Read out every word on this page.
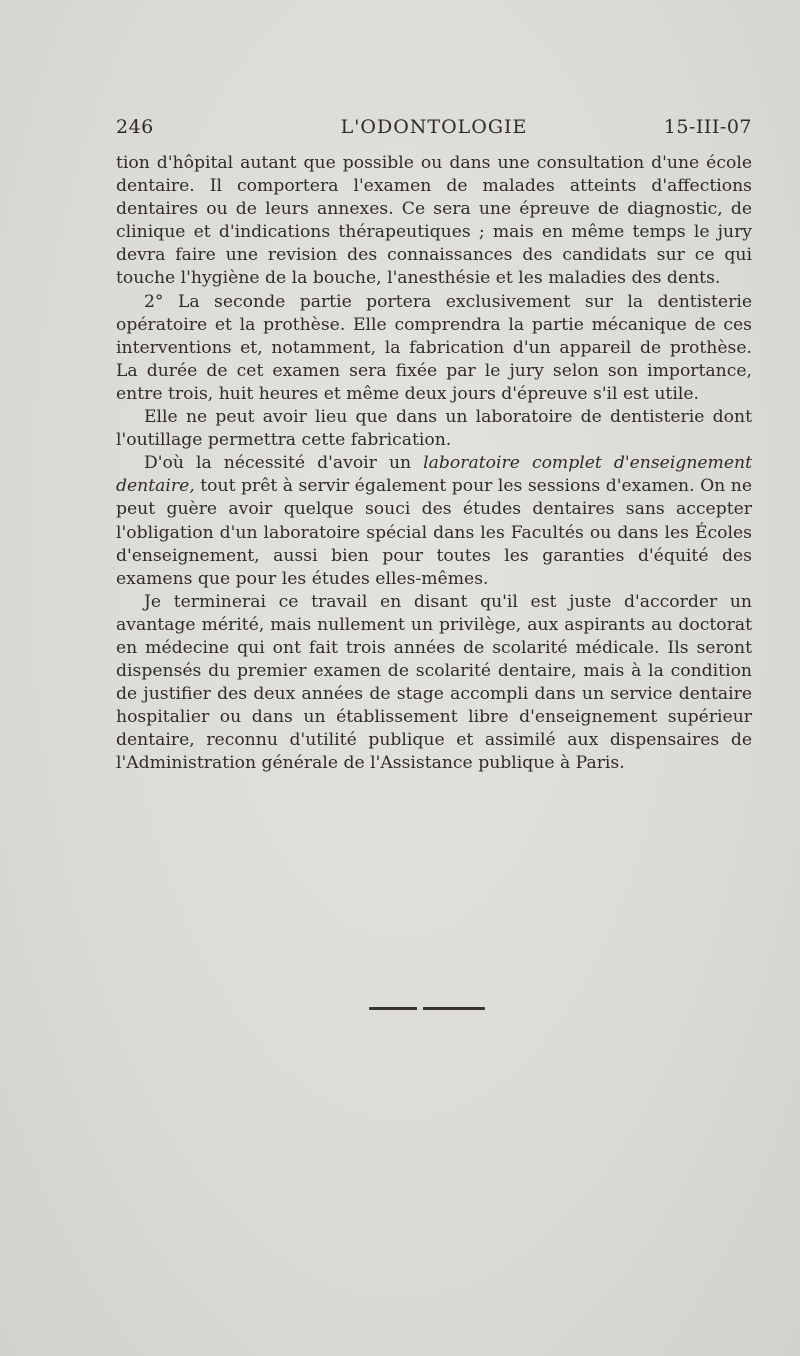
246	L'ODONTOLOGIE	15-III-07

tion d'hôpital autant que possible ou dans une consultation d'une école dentaire. Il comportera l'examen de malades atteints d'affections dentaires ou de leurs annexes. Ce sera une épreuve de diagnostic, de clinique et d'indications thérapeutiques ; mais en même temps le jury devra faire une revision des connaissances des candidats sur ce qui touche l'hygiène de la bouche, l'anesthésie et les maladies des dents.

2° La seconde partie portera exclusivement sur la dentisterie opératoire et la prothèse. Elle comprendra la partie mécanique de ces interventions et, notamment, la fabrication d'un appareil de prothèse. La durée de cet examen sera fixée par le jury selon son importance, entre trois, huit heures et même deux jours d'épreuve s'il est utile.

Elle ne peut avoir lieu que dans un laboratoire de dentisterie dont l'outillage permettra cette fabrication.

D'où la nécessité d'avoir un laboratoire complet d'enseignement dentaire, tout prêt à servir également pour les sessions d'examen. On ne peut guère avoir quelque souci des études dentaires sans accepter l'obligation d'un laboratoire spécial dans les Facultés ou dans les Écoles d'enseignement, aussi bien pour toutes les garanties d'équité des examens que pour les études elles-mêmes.

Je terminerai ce travail en disant qu'il est juste d'accorder un avantage mérité, mais nullement un privilège, aux aspirants au doctorat en médecine qui ont fait trois années de scolarité médicale. Ils seront dispensés du premier examen de scolarité dentaire, mais à la condition de justifier des deux années de stage accompli dans un service dentaire hospitalier ou dans un établissement libre d'enseignement supérieur dentaire, reconnu d'utilité publique et assimilé aux dispensaires de l'Administration générale de l'Assistance publique à Paris.
